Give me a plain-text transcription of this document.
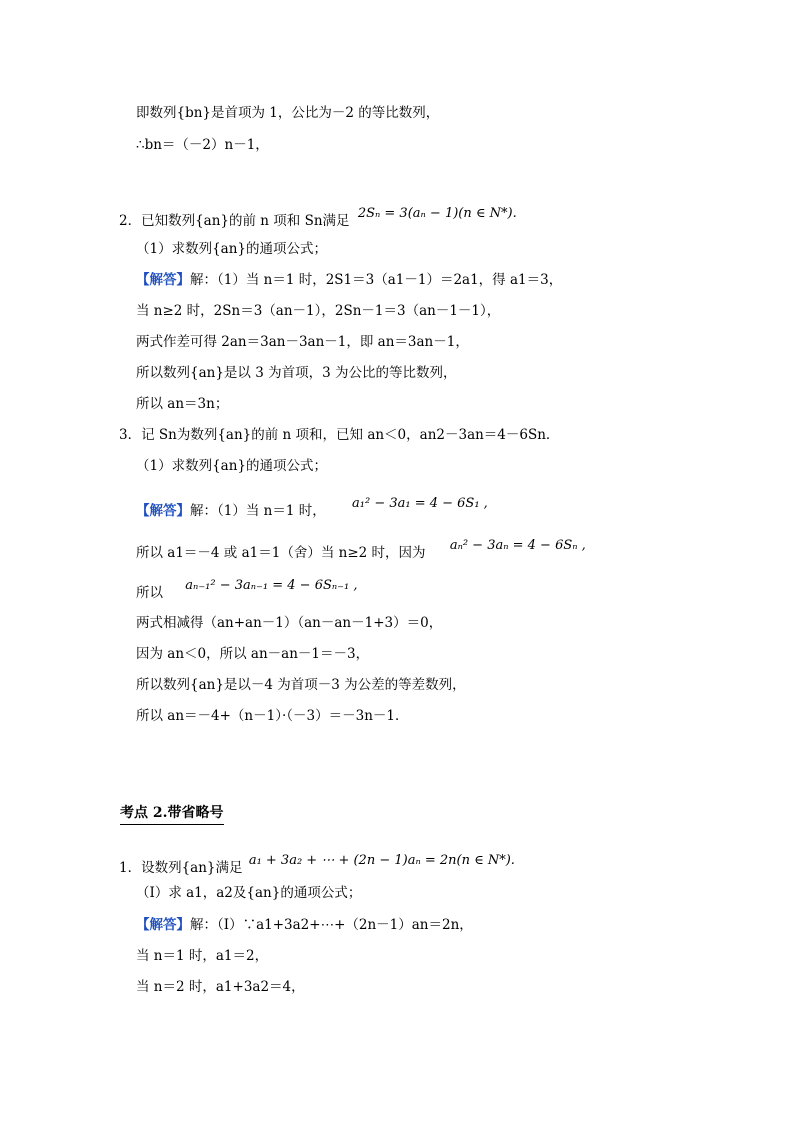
即数列{bn}是首项为 1，公比为－2 的等比数列，
∴bn＝（－2）n－1，
2．已知数列{an}的前 n 项和 Sn满足 2Sₙ = 3(aₙ − 1)(n ∈ N*).
（1）求数列{an}的通项公式；
【解答】解：（1）当 n＝1 时，2S1＝3（a1－1）＝2a1，得 a1＝3，
当 n≥2 时，2Sn＝3（an－1），2Sn－1＝3（an－1－1），
两式作差可得 2an＝3an－3an－1，即 an＝3an－1，
所以数列{an}是以 3 为首项，3 为公比的等比数列，
所以 an＝3n；
3．记 Sn为数列{an}的前 n 项和，已知 an＜0，an2－3an＝4－6Sn．
（1）求数列{an}的通项公式；
【解答】解：（1）当 n＝1 时， a₁² − 3a₁ = 4 − 6S₁ ,
所以 a1＝－4 或 a1＝1（舍）当 n≥2 时，因为 aₙ² − 3aₙ = 4 − 6Sₙ ,
所以 aₙ₋₁² − 3aₙ₋₁ = 4 − 6Sₙ₋₁ ,
两式相减得（an+an－1）（an－an－1+3）＝0，
因为 an＜0，所以 an－an－1＝－3，
所以数列{an}是以－4 为首项－3 为公差的等差数列，
所以 an＝－4+（n－1）·（－3）＝－3n－1．
考点 2.带省略号
1．设数列{an}满足 a₁ + 3a₂ + ⋯ + (2n − 1)aₙ = 2n(n ∈ N*).
（Ⅰ）求 a1，a2及{an}的通项公式；
【解答】解：（Ⅰ）∵a1+3a2+⋯+（2n－1）an＝2n，
当 n＝1 时，a1＝2，
当 n＝2 时，a1+3a2＝4，
